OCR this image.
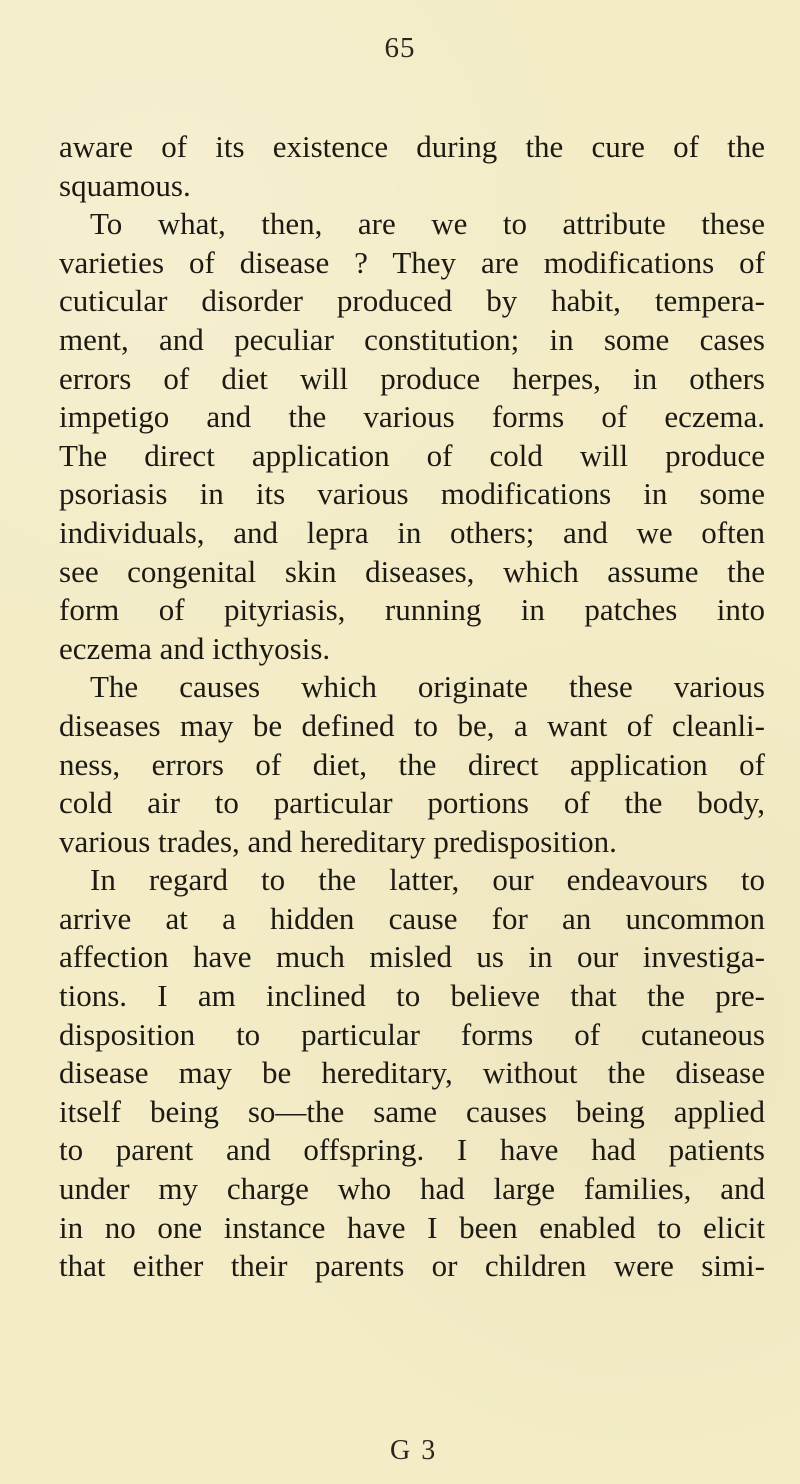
65
aware of its existence during the cure of the
squamous.
To what, then, are we to attribute these
varieties of disease ? They are modifications of
cuticular disorder produced by habit, tempera-
ment, and peculiar constitution; in some cases
errors of diet will produce herpes, in others
impetigo and the various forms of eczema.
The direct application of cold will produce
psoriasis in its various modifications in some
individuals, and lepra in others; and we often
see congenital skin diseases, which assume the
form of pityriasis, running in patches into
eczema and icthyosis.
The causes which originate these various
diseases may be defined to be, a want of cleanli-
ness, errors of diet, the direct application of
cold air to particular portions of the body,
various trades, and hereditary predisposition.
In regard to the latter, our endeavours to
arrive at a hidden cause for an uncommon
affection have much misled us in our investiga-
tions. I am inclined to believe that the pre-
disposition to particular forms of cutaneous
disease may be hereditary, without the disease
itself being so—the same causes being applied
to parent and offspring. I have had patients
under my charge who had large families, and
in no one instance have I been enabled to elicit
that either their parents or children were simi-
G 3
